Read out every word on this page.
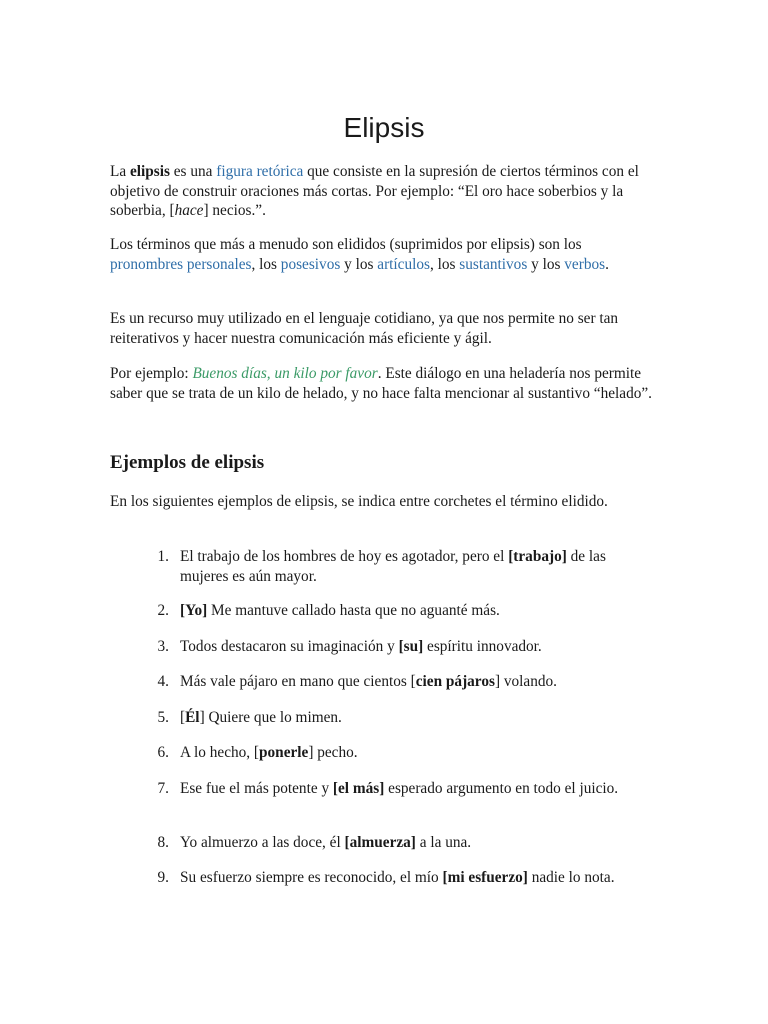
Elipsis
La elipsis es una figura retórica que consiste en la supresión de ciertos términos con el objetivo de construir oraciones más cortas. Por ejemplo: “El oro hace soberbios y la soberbia, [hace] necios.”.
Los términos que más a menudo son elididos (suprimidos por elipsis) son los pronombres personales, los posesivos y los artículos, los sustantivos y los verbos.
Es un recurso muy utilizado en el lenguaje cotidiano, ya que nos permite no ser tan reiterativos y hacer nuestra comunicación más eficiente y ágil.
Por ejemplo: Buenos días, un kilo por favor. Este diálogo en una heladería nos permite saber que se trata de un kilo de helado, y no hace falta mencionar al sustantivo “helado”.
Ejemplos de elipsis
En los siguientes ejemplos de elipsis, se indica entre corchetes el término elidido.
1. El trabajo de los hombres de hoy es agotador, pero el [trabajo] de las mujeres es aún mayor.
2. [Yo] Me mantuve callado hasta que no aguanté más.
3. Todos destacaron su imaginación y [su] espíritu innovador.
4. Más vale pájaro en mano que cientos [cien pájaros] volando.
5. [Él] Quiere que lo mimen.
6. A lo hecho, [ponerle] pecho.
7. Ese fue el más potente y [el más] esperado argumento en todo el juicio.
8. Yo almuerzo a las doce, él [almuerza] a la una.
9. Su esfuerzo siempre es reconocido, el mío [mi esfuerzo] nadie lo nota.
